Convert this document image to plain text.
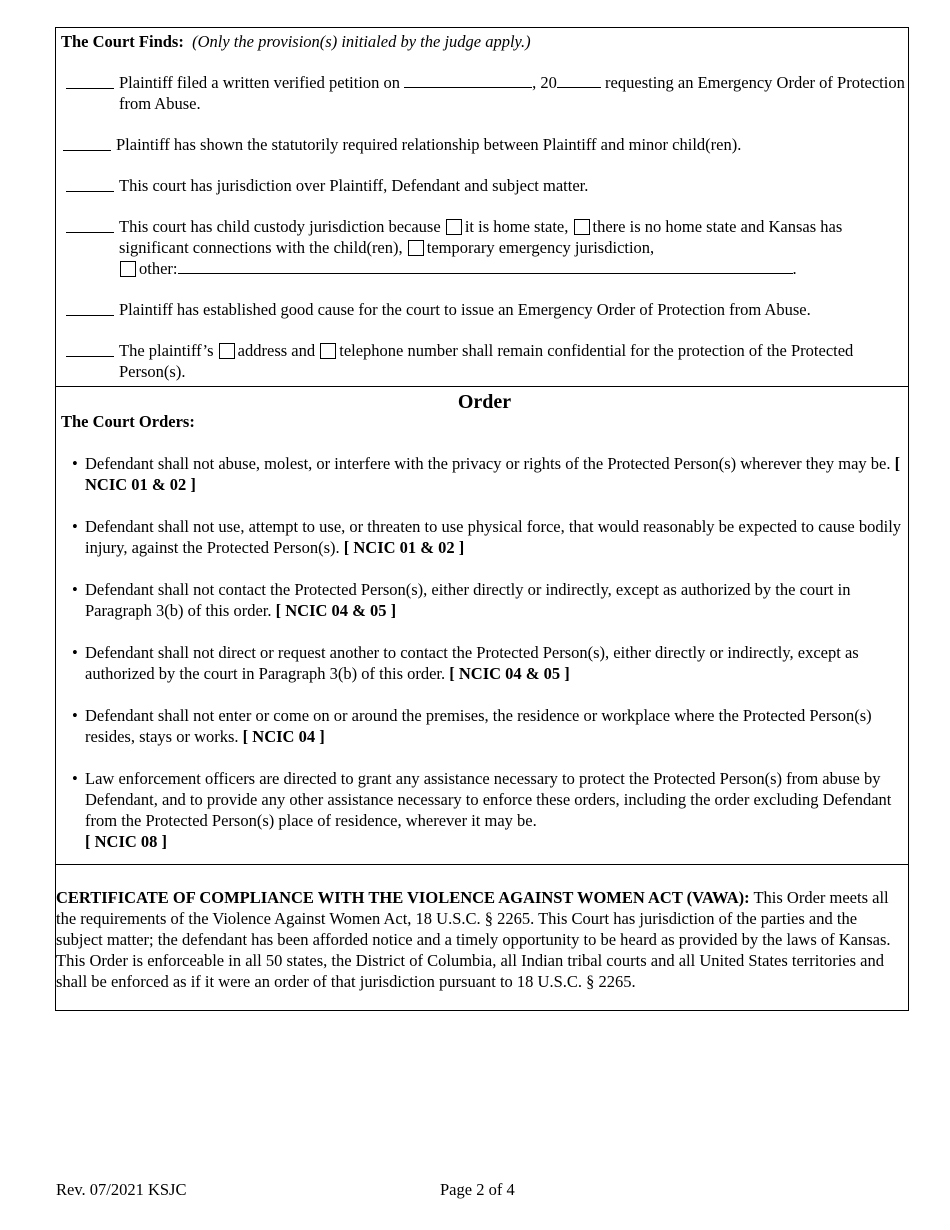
The Court Finds: (Only the provision(s) initialed by the judge apply.)
Plaintiff filed a written verified petition on	, 20	requesting an Emergency Order of Protection from Abuse.
Plaintiff has shown the statutorily required relationship between Plaintiff and minor child(ren).
This court has jurisdiction over Plaintiff, Defendant and subject matter.
This court has child custody jurisdiction because it is home state, there is no home state and Kansas has significant connections with the child(ren), temporary emergency jurisdiction,
other:	.
Plaintiff has established good cause for the court to issue an Emergency Order of Protection from Abuse.
The plaintiff’s address and telephone number shall remain confidential for the protection of the Protected Person(s).
Order
The Court Orders:
• Defendant shall not abuse, molest, or interfere with the privacy or rights of the Protected Person(s) wherever they may be. [ NCIC 01 & 02 ]
• Defendant shall not use, attempt to use, or threaten to use physical force, that would reasonably be expected to cause bodily injury, against the Protected Person(s). [ NCIC 01 & 02 ]
• Defendant shall not contact the Protected Person(s), either directly or indirectly, except as authorized by the court in Paragraph 3(b) of this order. [ NCIC 04 & 05 ]
• Defendant shall not direct or request another to contact the Protected Person(s), either directly or indirectly, except as authorized by the court in Paragraph 3(b) of this order. [ NCIC 04 & 05 ]
• Defendant shall not enter or come on or around the premises, the residence or workplace where the Protected Person(s) resides, stays or works. [ NCIC 04 ]
• Law enforcement officers are directed to grant any assistance necessary to protect the Protected Person(s) from abuse by Defendant, and to provide any other assistance necessary to enforce these orders, including the order excluding Defendant from the Protected Person(s) place of residence, wherever it may be.
[ NCIC 08 ]
CERTIFICATE OF COMPLIANCE WITH THE VIOLENCE AGAINST WOMEN ACT (VAWA): This Order meets all the requirements of the Violence Against Women Act, 18 U.S.C. § 2265. This Court has jurisdiction of the parties and the subject matter; the defendant has been afforded notice and a timely opportunity to be heard as provided by the laws of Kansas. This Order is enforceable in all 50 states, the District of Columbia, all Indian tribal courts and all United States territories and shall be enforced as if it were an order of that jurisdiction pursuant to 18 U.S.C. § 2265.
Rev. 07/2021 KSJC	Page 2 of 4
